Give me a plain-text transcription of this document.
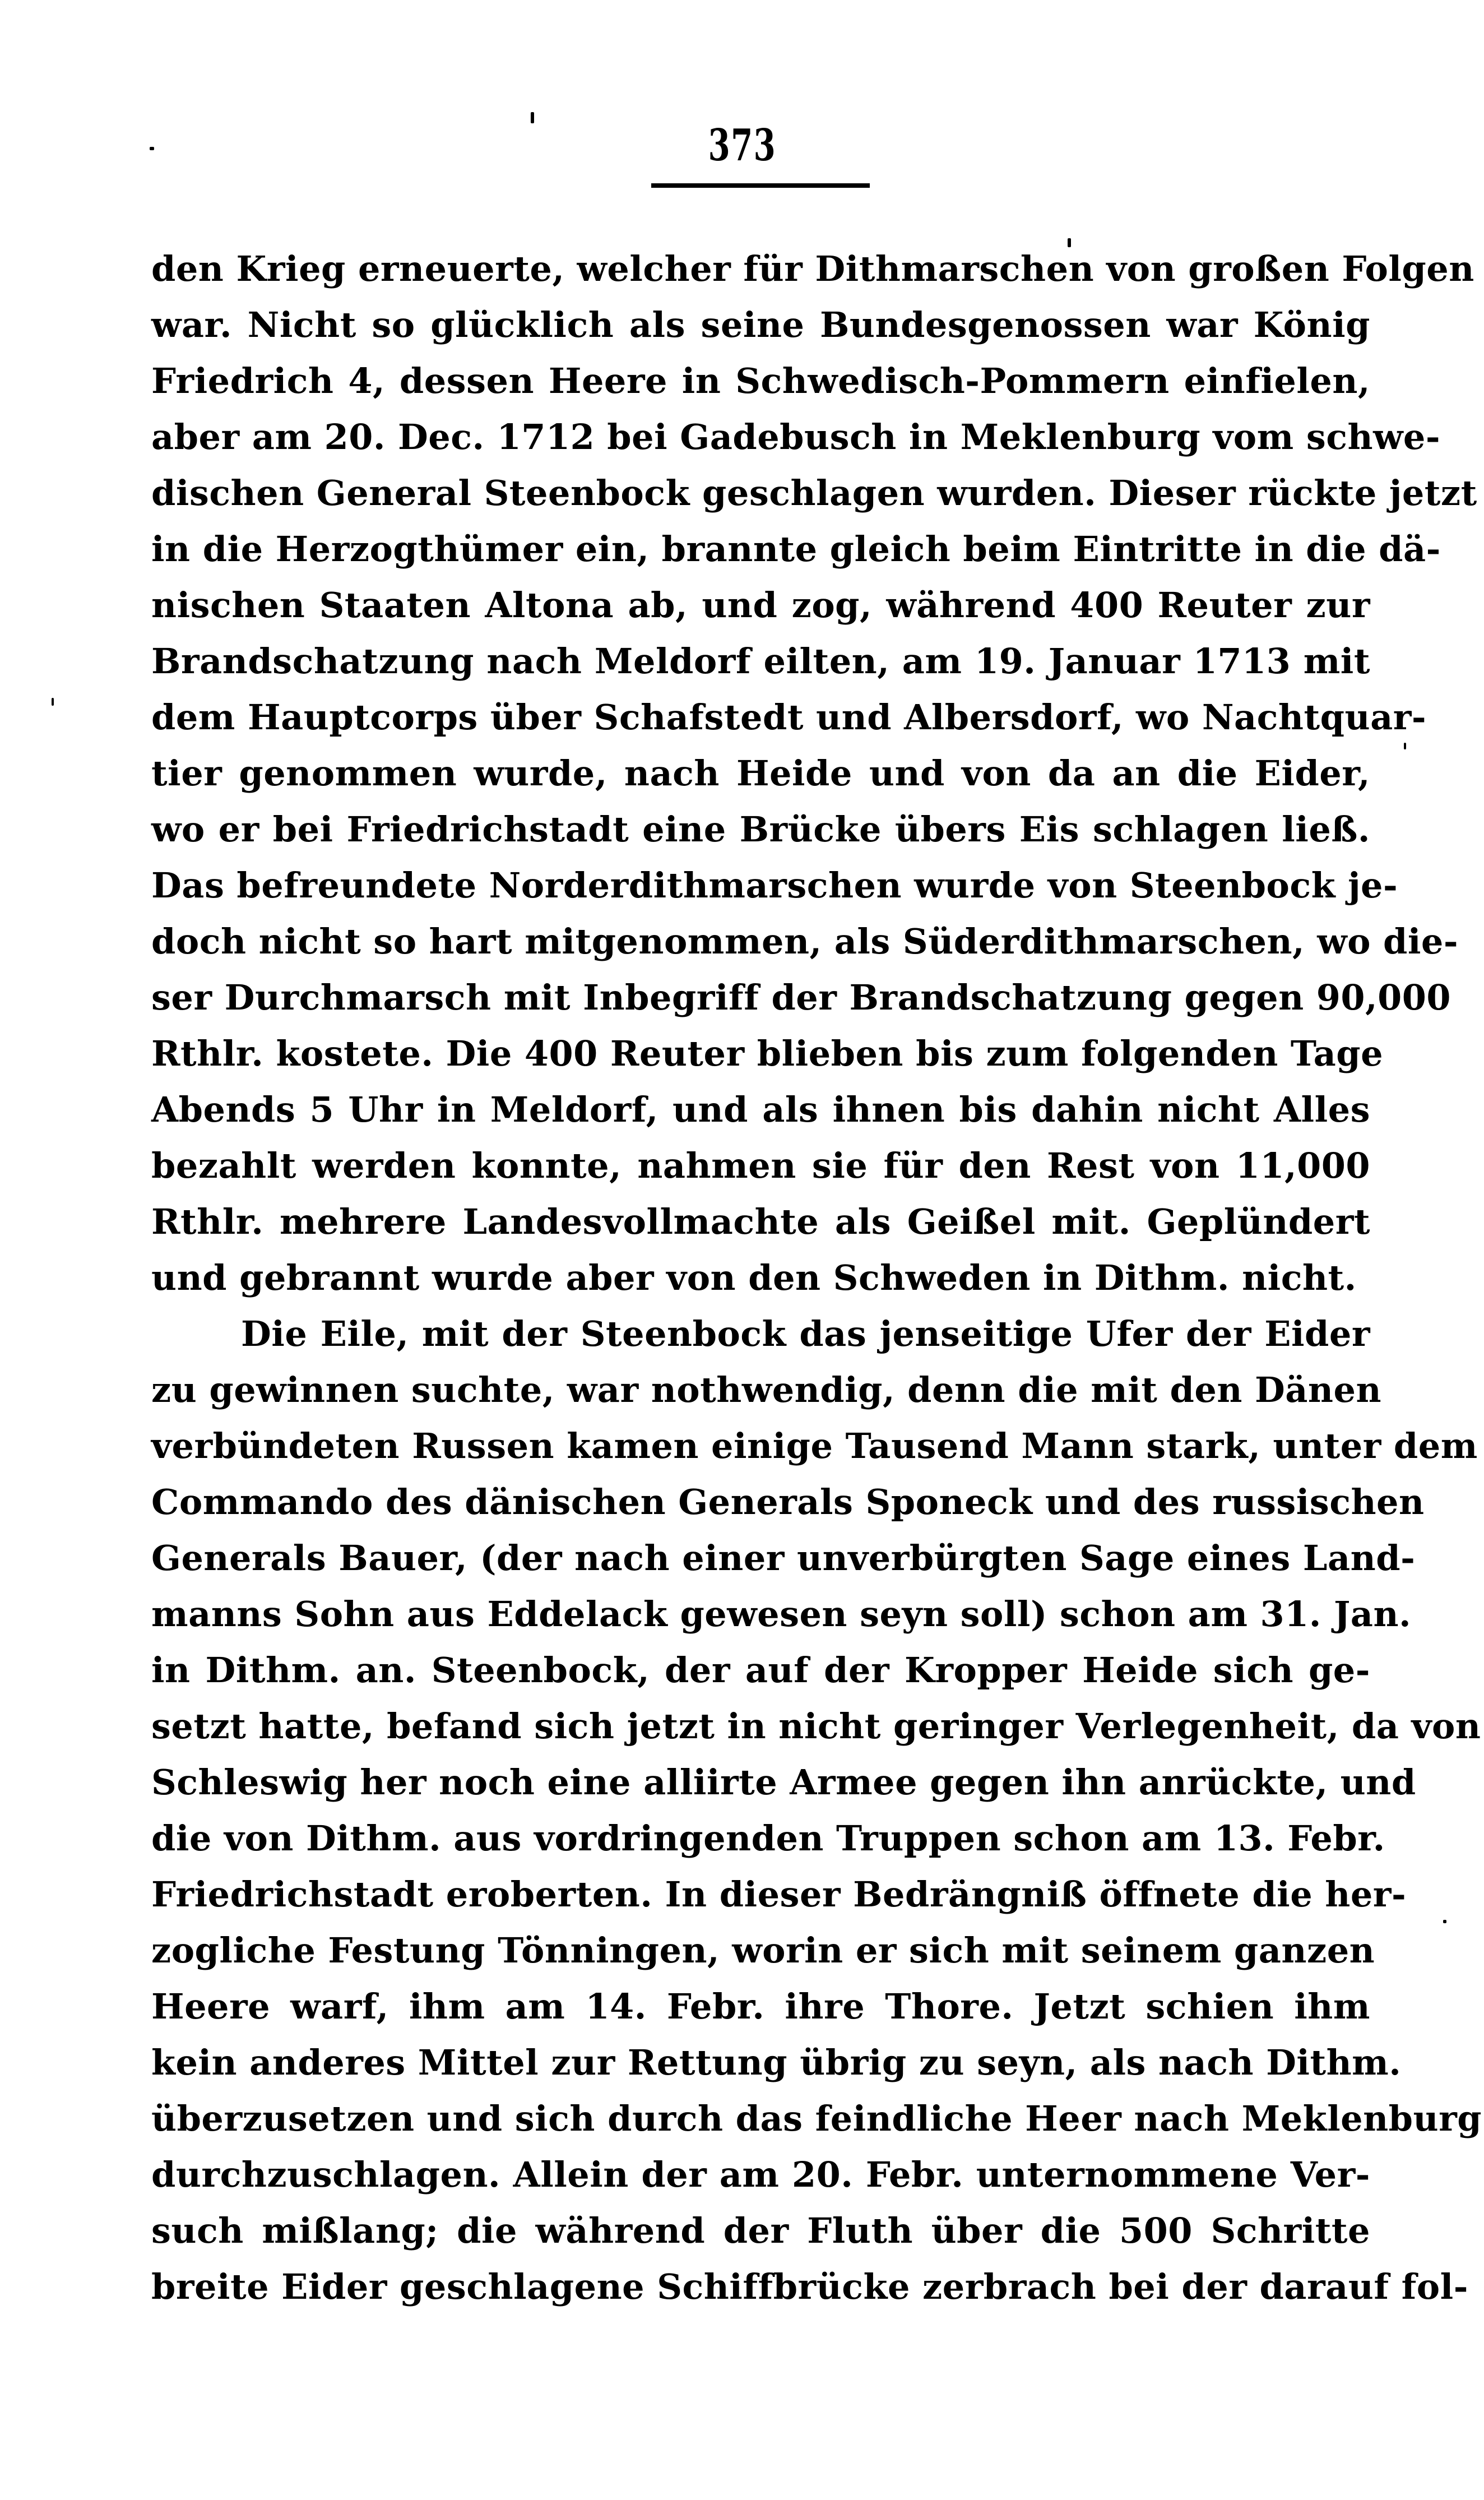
373
den Krieg erneuerte, welcher für Dithmarschen von großen Folgen
war. Nicht so glücklich als seine Bundesgenossen war König
Friedrich 4, dessen Heere in Schwedisch-Pommern einfielen,
aber am 20. Dec. 1712 bei Gadebusch in Meklenburg vom schwe-
dischen General Steenbock geschlagen wurden. Dieser rückte jetzt
in die Herzogthümer ein, brannte gleich beim Eintritte in die dä-
nischen Staaten Altona ab, und zog, während 400 Reuter zur
Brandschatzung nach Meldorf eilten, am 19. Januar 1713 mit
dem Hauptcorps über Schafstedt und Albersdorf, wo Nachtquar-
tier genommen wurde, nach Heide und von da an die Eider,
wo er bei Friedrichstadt eine Brücke übers Eis schlagen ließ.
Das befreundete Norderdithmarschen wurde von Steenbock je-
doch nicht so hart mitgenommen, als Süderdithmarschen, wo die-
ser Durchmarsch mit Inbegriff der Brandschatzung gegen 90,000
Rthlr. kostete. Die 400 Reuter blieben bis zum folgenden Tage
Abends 5 Uhr in Meldorf, und als ihnen bis dahin nicht Alles
bezahlt werden konnte, nahmen sie für den Rest von 11,000
Rthlr. mehrere Landesvollmachte als Geißel mit. Geplündert
und gebrannt wurde aber von den Schweden in Dithm. nicht.
Die Eile, mit der Steenbock das jenseitige Ufer der Eider
zu gewinnen suchte, war nothwendig, denn die mit den Dänen
verbündeten Russen kamen einige Tausend Mann stark, unter dem
Commando des dänischen Generals Sponeck und des russischen
Generals Bauer, (der nach einer unverbürgten Sage eines Land-
manns Sohn aus Eddelack gewesen seyn soll) schon am 31. Jan.
in Dithm. an. Steenbock, der auf der Kropper Heide sich ge-
setzt hatte, befand sich jetzt in nicht geringer Verlegenheit, da von
Schleswig her noch eine alliirte Armee gegen ihn anrückte, und
die von Dithm. aus vordringenden Truppen schon am 13. Febr.
Friedrichstadt eroberten. In dieser Bedrängniß öffnete die her-
zogliche Festung Tönningen, worin er sich mit seinem ganzen
Heere warf, ihm am 14. Febr. ihre Thore. Jetzt schien ihm
kein anderes Mittel zur Rettung übrig zu seyn, als nach Dithm.
überzusetzen und sich durch das feindliche Heer nach Meklenburg
durchzuschlagen. Allein der am 20. Febr. unternommene Ver-
such mißlang; die während der Fluth über die 500 Schritte
breite Eider geschlagene Schiffbrücke zerbrach bei der darauf fol-
